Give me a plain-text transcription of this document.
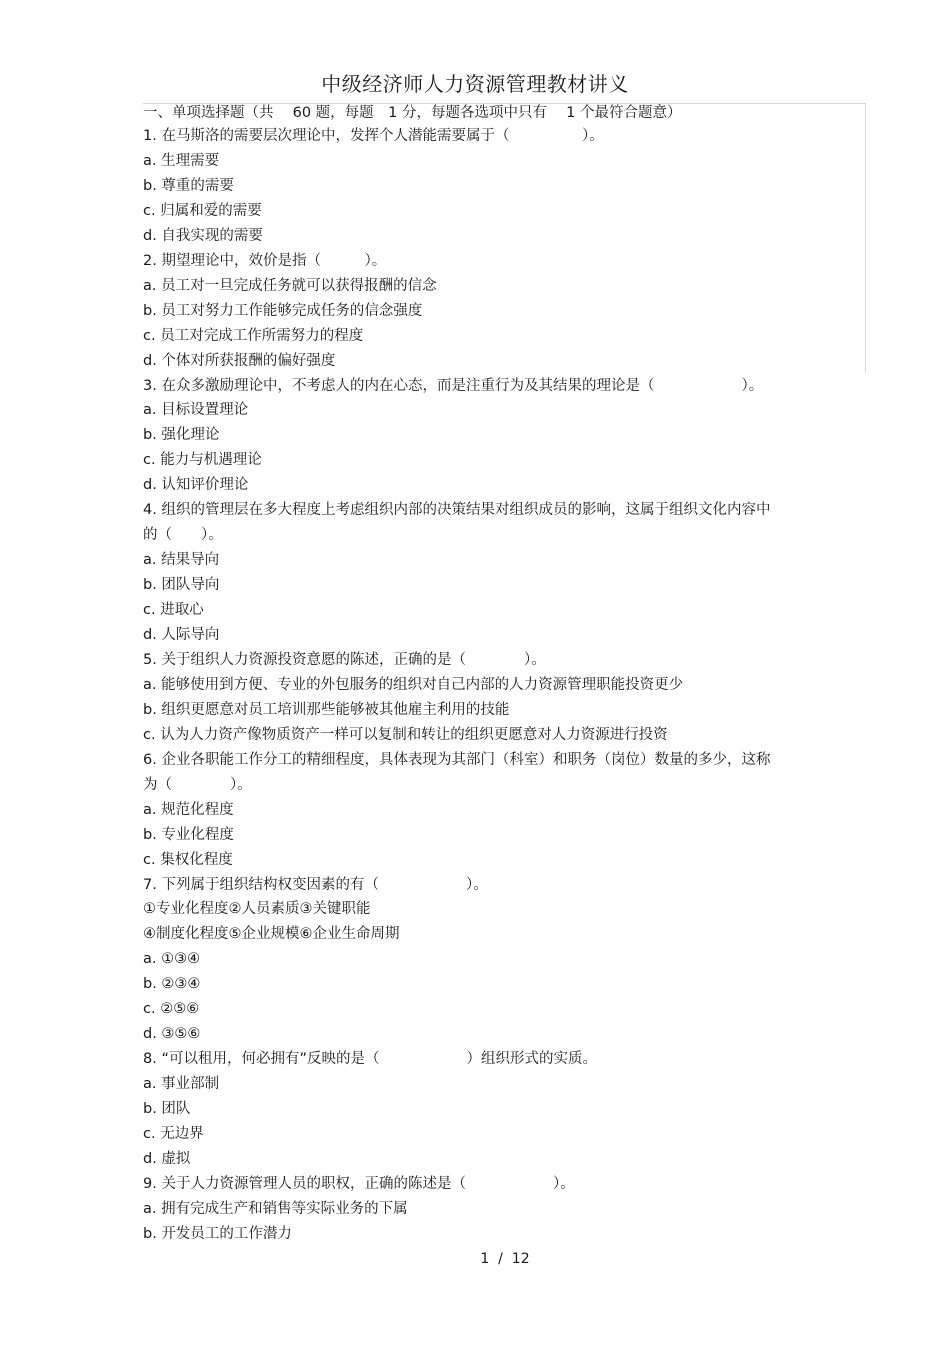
中级经济师人力资源管理教材讲义
一、单项选择题（共　 60 题，每题　1 分，每题各选项中只有　 1 个最符合题意）
1. 在马斯洛的需要层次理论中，发挥个人潜能需要属于（　　　　　）。
a. 生理需要
b. 尊重的需要
c. 归属和爱的需要
d. 自我实现的需要
2. 期望理论中，效价是指（　　　）。
a. 员工对一旦完成任务就可以获得报酬的信念
b. 员工对努力工作能够完成任务的信念强度
c. 员工对完成工作所需努力的程度
d. 个体对所获报酬的偏好强度
3. 在众多激励理论中，不考虑人的内在心态，而是注重行为及其结果的理论是（　　　　　　）。
a. 目标设置理论
b. 强化理论
c. 能力与机遇理论
d. 认知评价理论
4. 组织的管理层在多大程度上考虑组织内部的决策结果对组织成员的影响，这属于组织文化内容中
的（　　）。
a. 结果导向
b. 团队导向
c. 进取心
d. 人际导向
5. 关于组织人力资源投资意愿的陈述，正确的是（　　　　）。
a. 能够使用到方便、专业的外包服务的组织对自己内部的人力资源管理职能投资更少
b. 组织更愿意对员工培训那些能够被其他雇主利用的技能
c. 认为人力资产像物质资产一样可以复制和转让的组织更愿意对人力资源进行投资
6. 企业各职能工作分工的精细程度，具体表现为其部门（科室）和职务（岗位）数量的多少，这称
为（　　　　）。
a. 规范化程度
b. 专业化程度
c. 集权化程度
7. 下列属于组织结构权变因素的有（　　　　　　）。
①专业化程度②人员素质③关键职能
④制度化程度⑤企业规模⑥企业生命周期
a. ①③④
b. ②③④
c. ②⑤⑥
d. ③⑤⑥
8. “可以租用，何必拥有”反映的是（　　　　　　）组织形式的实质。
a. 事业部制
b. 团队
c. 无边界
d. 虚拟
9. 关于人力资源管理人员的职权，正确的陈述是（　　　　　　）。
a. 拥有完成生产和销售等实际业务的下属
b. 开发员工的工作潜力
1  /  12
